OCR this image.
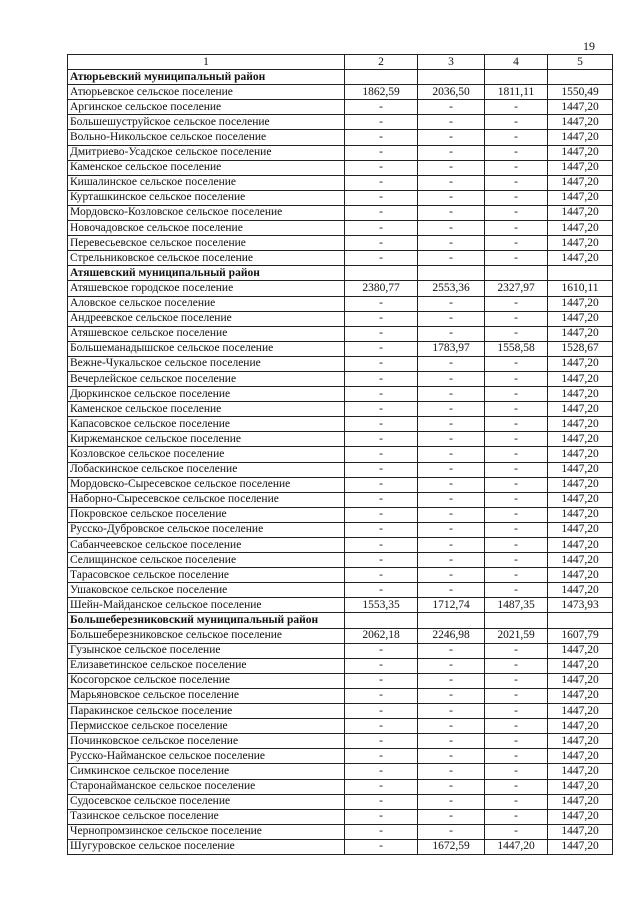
19
1	2	3	4	5
Атюрьевский муниципальный район				
Атюрьевское сельское поселение	1862,59	2036,50	1811,11	1550,49
Аргинское сельское поселение	-	-	-	1447,20
Большешуструйское сельское поселение	-	-	-	1447,20
Вольно-Никольское сельское поселение	-	-	-	1447,20
Дмитриево-Усадское сельское поселение	-	-	-	1447,20
Каменское сельское поселение	-	-	-	1447,20
Кишалинское сельское поселение	-	-	-	1447,20
Курташкинское сельское поселение	-	-	-	1447,20
Мордовско-Козловское сельское поселение	-	-	-	1447,20
Новочадовское сельское поселение	-	-	-	1447,20
Перевесьевское сельское поселение	-	-	-	1447,20
Стрельниковское сельское поселение	-	-	-	1447,20
Атяшевский муниципальный район				
Атяшевское городское поселение	2380,77	2553,36	2327,97	1610,11
Аловское сельское поселение	-	-	-	1447,20
Андреевское сельское поселение	-	-	-	1447,20
Атяшевское сельское поселение	-	-	-	1447,20
Большеманадышское сельское поселение	-	1783,97	1558,58	1528,67
Вежне-Чукальское сельское поселение	-	-	-	1447,20
Вечерлейское сельское поселение	-	-	-	1447,20
Дюркинское сельское поселение	-	-	-	1447,20
Каменское сельское поселение	-	-	-	1447,20
Капасовское сельское поселение	-	-	-	1447,20
Киржеманское сельское поселение	-	-	-	1447,20
Козловское сельское поселение	-	-	-	1447,20
Лобаскинское сельское поселение	-	-	-	1447,20
Мордовско-Сыресевское сельское поселение	-	-	-	1447,20
Наборно-Сыресевское сельское поселение	-	-	-	1447,20
Покровское сельское поселение	-	-	-	1447,20
Русско-Дубровское сельское поселение	-	-	-	1447,20
Сабанчеевское сельское поселение	-	-	-	1447,20
Селищинское сельское поселение	-	-	-	1447,20
Тарасовское сельское поселение	-	-	-	1447,20
Ушаковское сельское поселение	-	-	-	1447,20
Шейн-Майданское сельское поселение	1553,35	1712,74	1487,35	1473,93
Большеберезниковский муниципальный район				
Большеберезниковское сельское поселение	2062,18	2246,98	2021,59	1607,79
Гузынское сельское поселение	-	-	-	1447,20
Елизаветинское сельское поселение	-	-	-	1447,20
Косогорское сельское поселение	-	-	-	1447,20
Марьяновское сельское поселение	-	-	-	1447,20
Паракинское сельское поселение	-	-	-	1447,20
Пермисское сельское поселение	-	-	-	1447,20
Починковское сельское поселение	-	-	-	1447,20
Русско-Найманское сельское поселение	-	-	-	1447,20
Симкинское сельское поселение	-	-	-	1447,20
Старонайманское сельское поселение	-	-	-	1447,20
Судосевское сельское поселение	-	-	-	1447,20
Тазинское сельское поселение	-	-	-	1447,20
Чернопромзинское сельское поселение	-	-	-	1447,20
Шугуровское сельское поселение	-	1672,59	1447,20	1447,20
